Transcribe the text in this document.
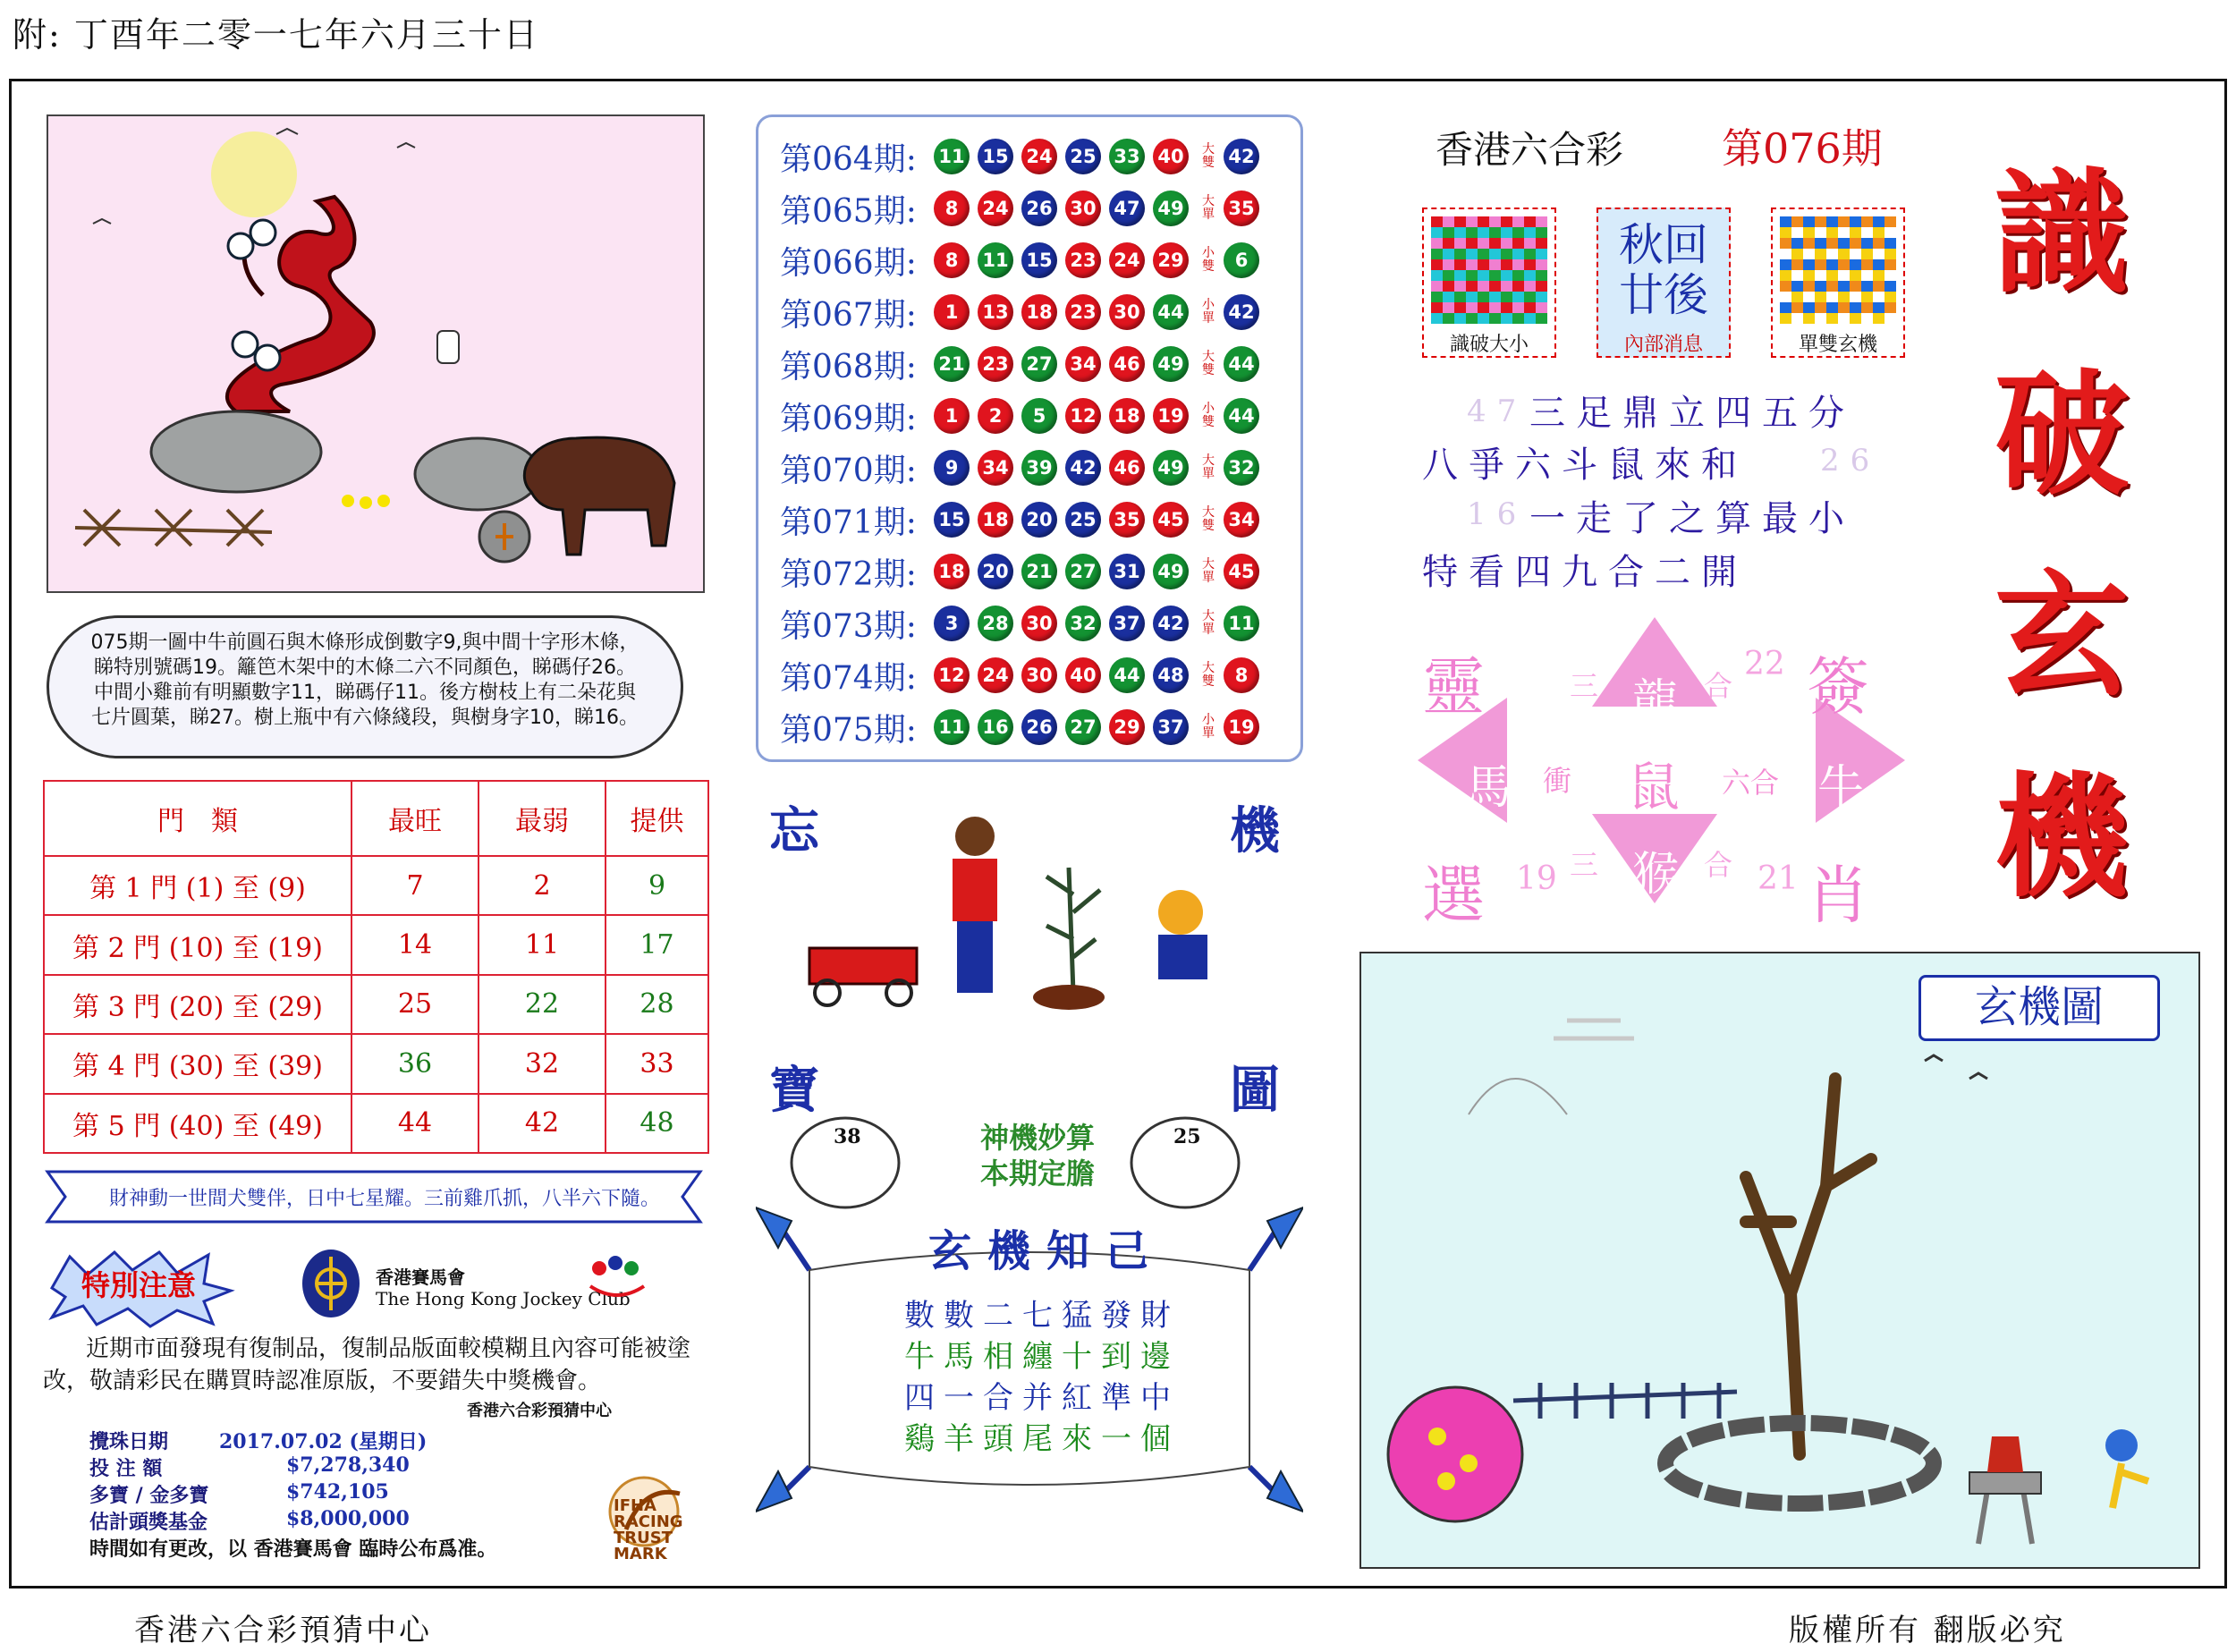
附: 丁酉年二零一七年六月三十日
075期一圖中牛前圓石與木條形成倒數字9,與中間十字形木條，睇特別號碼19。籬笆木架中的木條二六不同顏色，睇碼仔26。中間小雞前有明顯數字11，睇碼仔11。後方樹枝上有二朵花與七片圓葉，睇27。樹上瓶中有六條綫段，與樹身字10，睇16。
門　類	最旺	最弱	提供
第 1 門 (1) 至 (9)	7	2	9
第 2 門 (10) 至 (19)	14	11	17
第 3 門 (20) 至 (29)	25	22	28
第 4 門 (30) 至 (39)	36	32	33
第 5 門 (40) 至 (49)	44	42	48
財神動一世間犬雙伴，日中七星耀。三前雞爪抓，八半六下隨。
特別注意	香港賽馬會
The Hong Kong Jockey Club
近期市面發現有復制品，復制品版面較模糊且內容可能被塗改，敬請彩民在購買時認准原版，不要錯失中獎機會。
香港六合彩預猜中心
攪珠日期	2017.07.02 (星期日)
投 注 額	$7,278,340
多寶 / 金多寶	$742,105
估計頭獎基金	$8,000,000
時間如有更改，以 香港賽馬會 臨時公布爲准。
IFHA RACING TRUST MARK
第064期:	11 15 24 25 33 40	大雙 42
第065期:	8	24 26 30 47 49	大單 35
第066期:	8	11 15 23 24 29	小雙	6
第067期:	1	13 18 23 30 44	小單 42
第068期:	21 23 27 34 46 49	大雙 44
第069期:	1	2	5	12 18 19	小雙 44
第070期:	9	34 39 42 46 49	大單 32
第071期:	15 18 20 25 35 45	大雙 34
第072期:	18 20 21 27 31 49	大單 45
第073期:	3	28 30 32 37 42	大單 11
第074期:	12 24 30 40 44 48	大雙	8
第075期:	11 16 26 27 29 37	小單 19
忘	機
寶	圖
38	25
神機妙算
本期定膽
玄機知己
數數二七猛發財
牛馬相纏十到邊
四一合并紅準中
鷄羊頭尾來一個
香港六合彩 第076期
識破大小
秋回
廿後
內部消息	單雙玄機
47 三足鼎立四五分
26
八爭六斗鼠來和
16 一走了之算最小
特看四九合二開
靈	簽
選	肖
龍
猴
馬	牛
鼠
三	合
三	合
六合
衝
22
19	21
識
破
玄
機
玄機圖
香港六合彩預猜中心	版權所有 翻版必究
